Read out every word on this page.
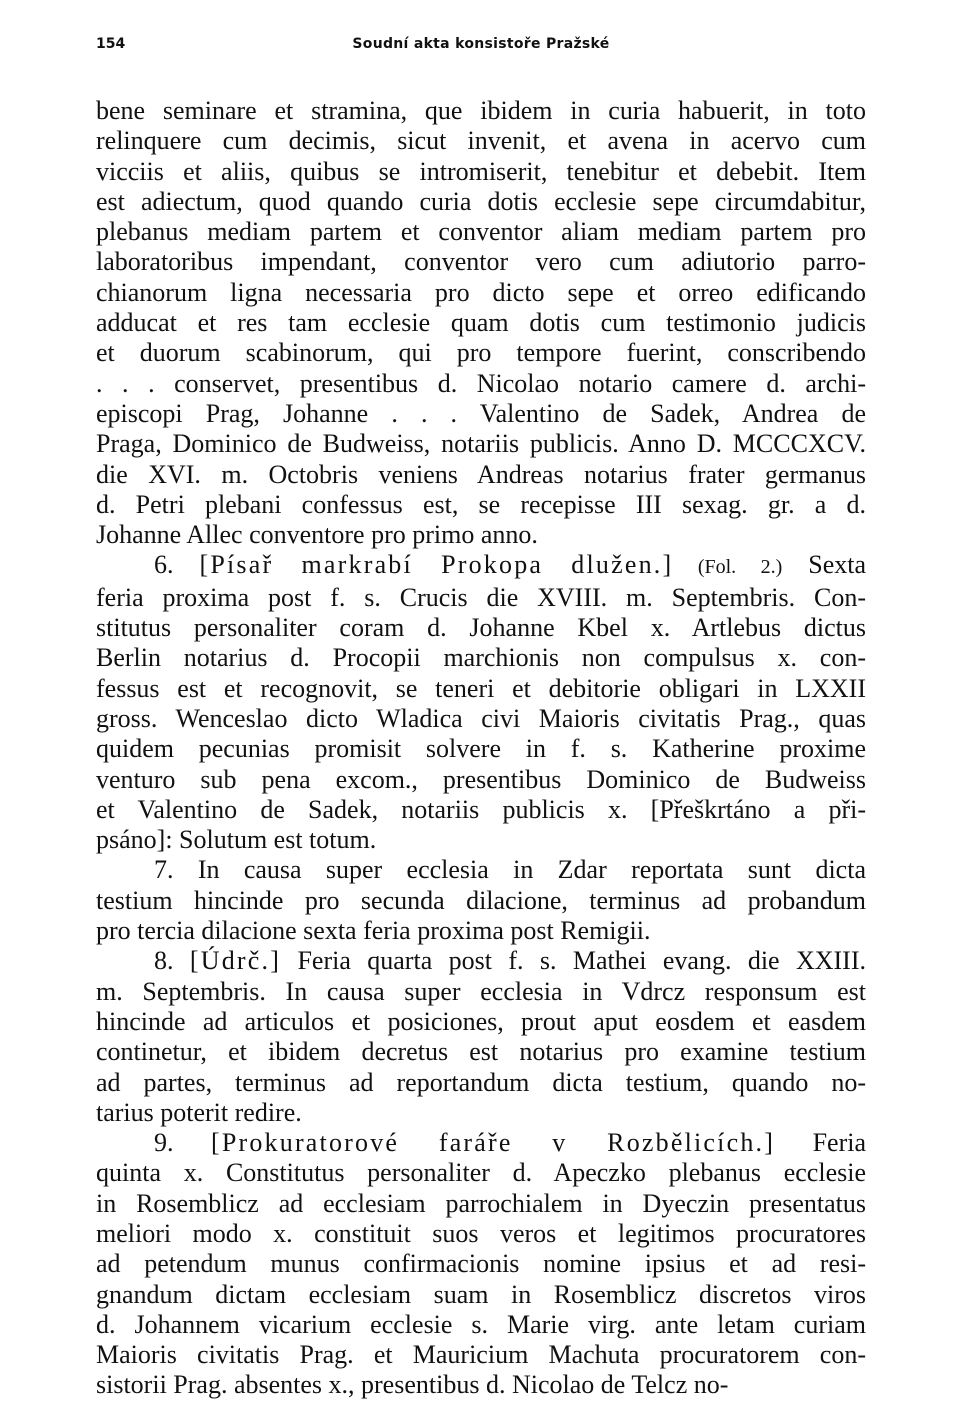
154	Soudní akta konsistoře Pražské
bene seminare et stramina, que ibidem in curia habuerit, in toto
relinquere cum decimis, sicut invenit, et avena in acervo cum
vicciis et aliis, quibus se intromiserit, tenebitur et debebit. Item
est adiectum, quod quando curia dotis ecclesie sepe circumdabitur,
plebanus mediam partem et conventor aliam mediam partem pro
laboratoribus impendant, conventor vero cum adiutorio parro-
chianorum ligna necessaria pro dicto sepe et orreo edificando
adducat et res tam ecclesie quam dotis cum testimonio judicis
et duorum scabinorum, qui pro tempore fuerint, conscribendo
. . . conservet, presentibus d. Nicolao notario camere d. archi-
episcopi Prag, Johanne . . . Valentino de Sadek, Andrea de
Praga, Dominico de Budweiss, notariis publicis. Anno D. MCCCXCV.
die XVI. m. Octobris veniens Andreas notarius frater germanus
d. Petri plebani confessus est, se recepisse III sexag. gr. a d.
Johanne Allec conventore pro primo anno.
6. [Písař markrabí Prokopa dlužen.] (Fol. 2.) Sexta
feria proxima post f. s. Crucis die XVIII. m. Septembris. Con-
stitutus personaliter coram d. Johanne Kbel x. Artlebus dictus
Berlin notarius d. Procopii marchionis non compulsus x. con-
fessus est et recognovit, se teneri et debitorie obligari in LXXII
gross. Wenceslao dicto Wladica civi Maioris civitatis Prag., quas
quidem pecunias promisit solvere in f. s. Katherine proxime
venturo sub pena excom., presentibus Dominico de Budweiss
et Valentino de Sadek, notariis publicis x. [Přeškrtáno a při-
psáno]: Solutum est totum.
7. In causa super ecclesia in Zdar reportata sunt dicta
testium hincinde pro secunda dilacione, terminus ad probandum
pro tercia dilacione sexta feria proxima post Remigii.
8. [Údrč.] Feria quarta post f. s. Mathei evang. die XXIII.
m. Septembris. In causa super ecclesia in Vdrcz responsum est
hincinde ad articulos et posiciones, prout aput eosdem et easdem
continetur, et ibidem decretus est notarius pro examine testium
ad partes, terminus ad reportandum dicta testium, quando no-
tarius poterit redire.
9. [Prokuratorové faráře v Rozbělicích.] Feria
quinta x. Constitutus personaliter d. Apeczko plebanus ecclesie
in Rosemblicz ad ecclesiam parrochialem in Dyeczin presentatus
meliori modo x. constituit suos veros et legitimos procuratores
ad petendum munus confirmacionis nomine ipsius et ad resi-
gnandum dictam ecclesiam suam in Rosemblicz discretos viros
d. Johannem vicarium ecclesie s. Marie virg. ante letam curiam
Maioris civitatis Prag. et Mauricium Machuta procuratorem con-
sistorii Prag. absentes x., presentibus d. Nicolao de Telcz no-
